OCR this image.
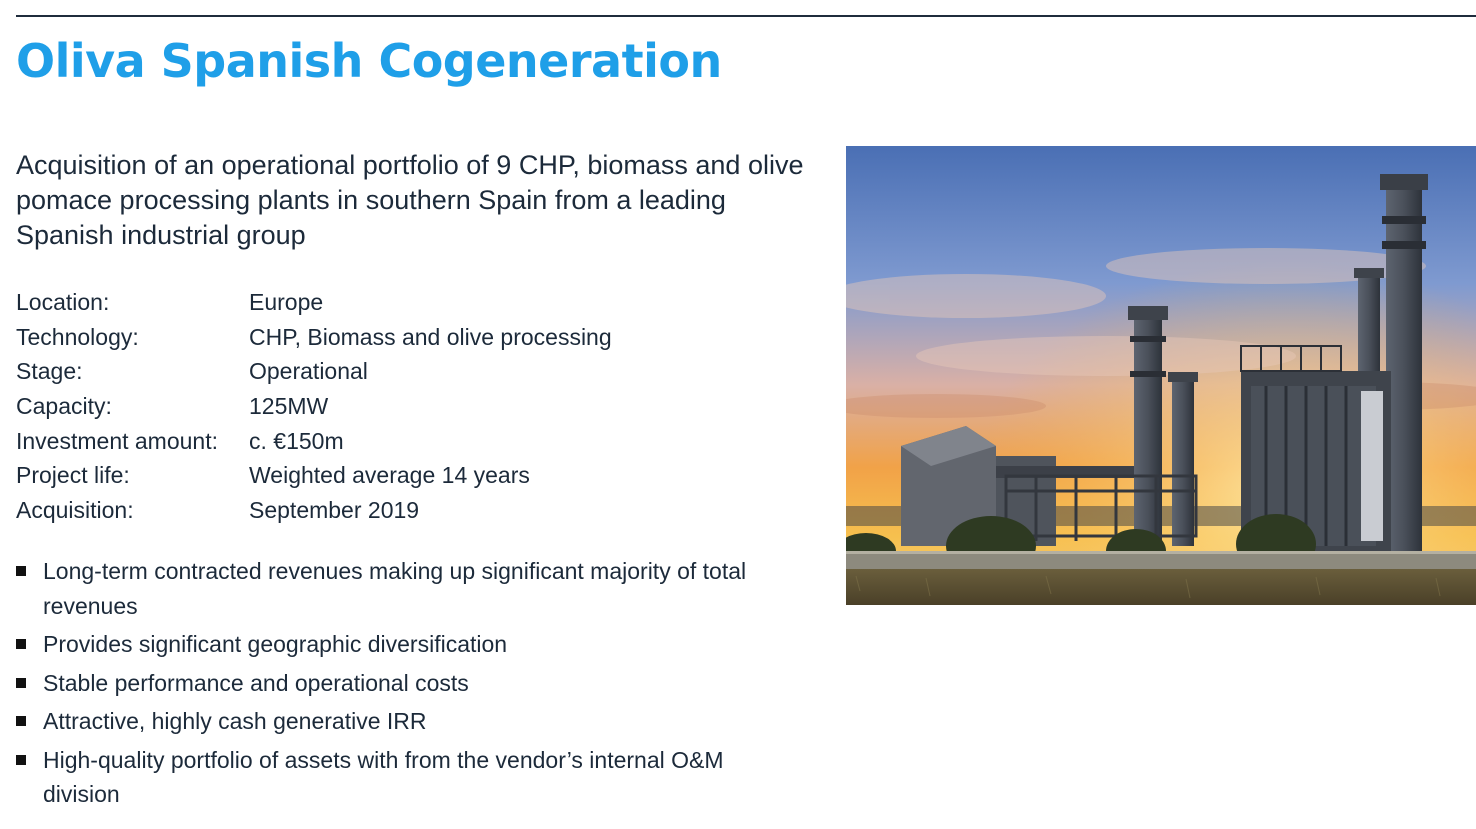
Oliva Spanish Cogeneration

Acquisition of an operational portfolio of 9 CHP, biomass and olive pomace processing plants in southern Spain from a leading Spanish industrial group

Location:	Europe
Technology:	CHP, Biomass and olive processing
Stage:	Operational
Capacity:	125MW
Investment amount:	c. €150m
Project life:	Weighted average 14 years
Acquisition:	September 2019
Long-term contracted revenues making up significant majority of total revenues
Provides significant geographic diversification
Stable performance and operational costs
Attractive, highly cash generative IRR
High-quality portfolio of assets with from the vendor’s internal O&M division
